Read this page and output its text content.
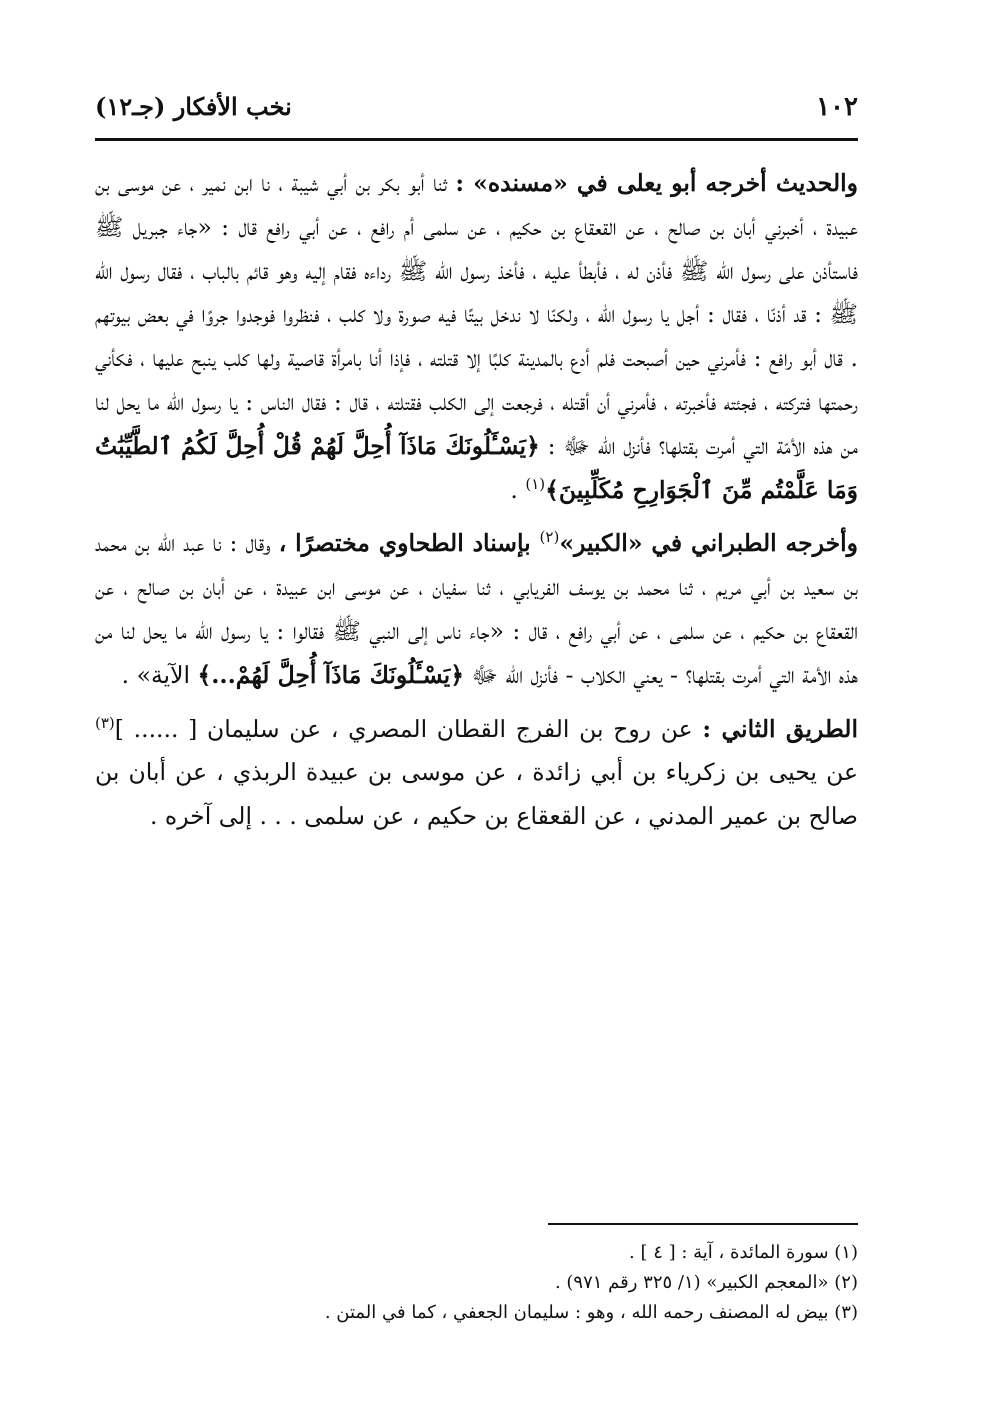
١٠٢
نخب الأفكار (جـ١٢)

والحديث أخرجه أبو يعلى في «مسنده» : ثنا أبو بكر بن أبي شيبة ، نا ابن نمير ، عن موسى بن عبيدة ، أخبرني أبان بن صالح ، عن القعقاع بن حكيم ، عن سلمى أم رافع ، عن أبي رافع قال : «جاء جبريل ﷺ فاستأذن على رسول الله ﷺ فأذن له ، فأبطأ عليه ، فأخذ رسول الله ﷺ رداءه فقام إليه وهو قائم بالباب ، فقال رسول الله ﷺ : قد أذنّا ، فقال : أجل يا رسول الله ، ولكنّا لا ندخل بيتًا فيه صورة ولا كلب ، فنظروا فوجدوا جروًا في بعض بيوتهم . قال أبو رافع : فأمرني حين أصبحت فلم أدع بالمدينة كلبًا إلا قتلته ، فإذا أنا بامرأة قاصية ولها كلب ينبح عليها ، فكأني رحمتها فتركته ، فجئته فأخبرته ، فأمرني أن أقتله ، فرجعت إلى الكلب فقتلته ، قال : فقال الناس : يا رسول الله ما يحل لنا من هذه الأمّة التي أمرت بقتلها؟ فأنزل الله ﷻ : ﴿يَسْـَٔلُونَكَ مَاذَآ أُحِلَّ لَهُمْ قُلْ أُحِلَّ لَكُمُ ٱلطَّيِّبَٰتُ وَمَا عَلَّمْتُم مِّنَ ٱلْجَوَارِحِ مُكَلِّبِينَ﴾$^{(١)}$ .

وأخرجه الطبراني في «الكبير»$^{(٢)}$ بإسناد الطحاوي مختصرًا ، وقال : نا عبد الله بن محمد بن سعيد بن أبي مريم ، ثنا محمد بن يوسف الفريابي ، ثنا سفيان ، عن موسى ابن عبيدة ، عن أبان بن صالح ، عن القعقاع بن حكيم ، عن سلمى ، عن أبي رافع ، قال : «جاء ناس إلى النبي ﷺ فقالوا : يا رسول الله ما يحل لنا من هذه الأمة التي أمرت بقتلها؟ - يعني الكلاب - فأنزل الله ﷻ ﴿يَسْـَٔلُونَكَ مَاذَآ أُحِلَّ لَهُمْ...﴾ الآية» .

الطريق الثاني : عن روح بن الفرج القطان المصري ، عن سليمان [ ...... ]$^{(٣)}$ عن يحيى بن زكرياء بن أبي زائدة ، عن موسى بن عبيدة الربذي ، عن أبان بن صالح بن عمير المدني ، عن القعقاع بن حكيم ، عن سلمى . . . إلى آخره .

(١) سورة المائدة ، آية : [ ٤ ] .

(٢) «المعجم الكبير» (١/ ٣٢٥ رقم ٩٧١) .

(٣) بيض له المصنف رحمه الله ، وهو : سليمان الجعفي ، كما في المتن .
